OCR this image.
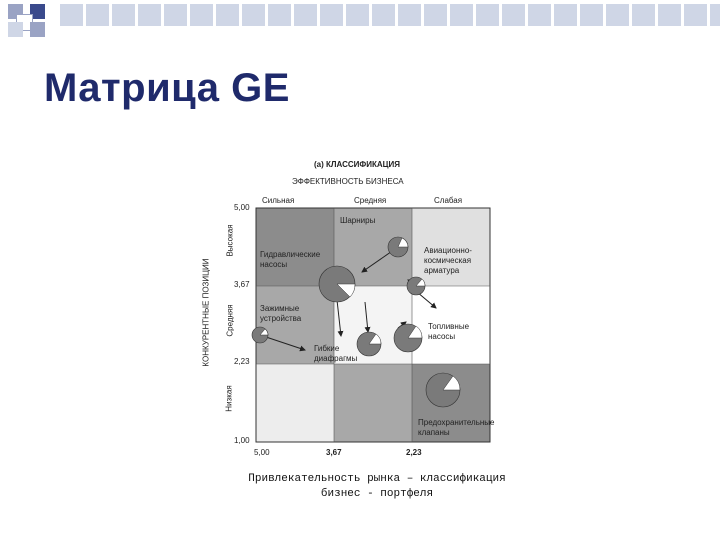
Матрица GE
(а) КЛАССИФИКАЦИЯ
ЭФФЕКТИВНОСТЬ БИЗНЕСА
Сильная	Средняя	Слабая
5,00
3,67
2,23
1,00
5,00	3,67	2,23
КОНКУРЕНТНЫЕ ПОЗИЦИИ
Высокая
Средняя
Низкая
Шарниры
Гидравлические насосы
Авиационно-космическая арматура
Зажимные устройства
Гибкие диафрагмы
Топливные насосы
Предохранительные клапаны
Привлекательность рынка – классификация
бизнес - портфеля
